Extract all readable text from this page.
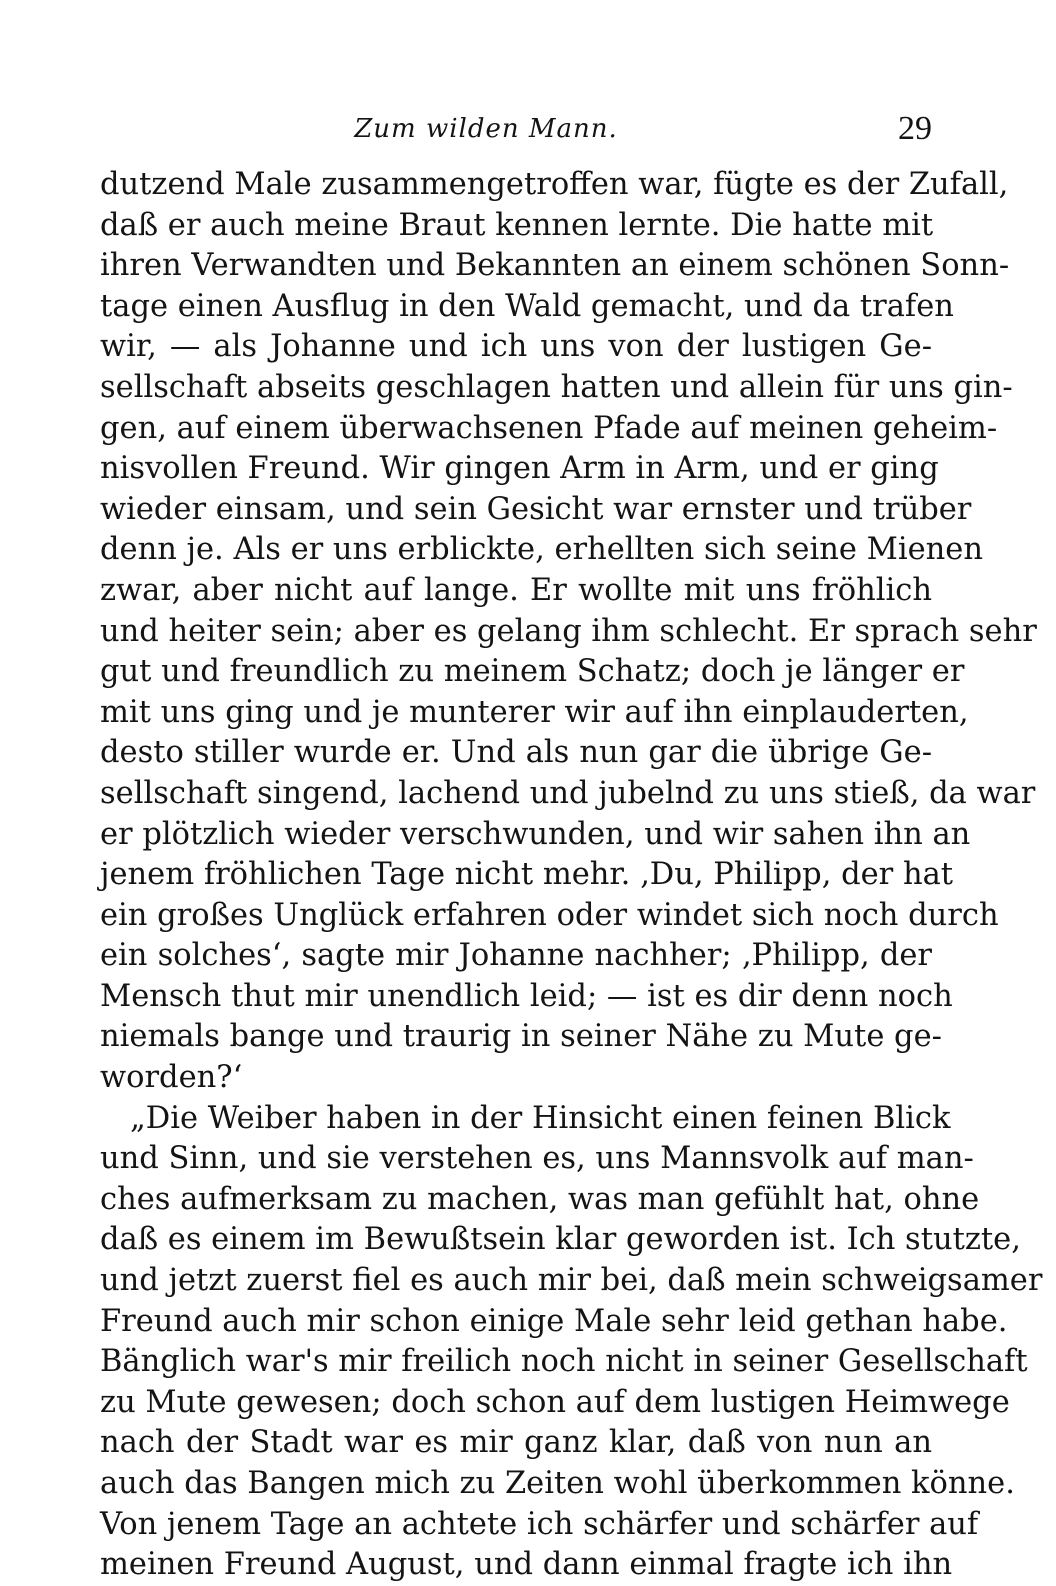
Zum wilden Mann.	29
dutzend Male zusammengetroffen war, fügte es der Zufall,
daß er auch meine Braut kennen lernte. Die hatte mit
ihren Verwandten und Bekannten an einem schönen Sonn-
tage einen Ausflug in den Wald gemacht, und da trafen
wir, — als Johanne und ich uns von der lustigen Ge-
sellschaft abseits geschlagen hatten und allein für uns gin-
gen, auf einem überwachsenen Pfade auf meinen geheim-
nisvollen Freund. Wir gingen Arm in Arm, und er ging
wieder einsam, und sein Gesicht war ernster und trüber
denn je. Als er uns erblickte, erhellten sich seine Mienen
zwar, aber nicht auf lange. Er wollte mit uns fröhlich
und heiter sein; aber es gelang ihm schlecht. Er sprach sehr
gut und freundlich zu meinem Schatz; doch je länger er
mit uns ging und je munterer wir auf ihn einplauderten,
desto stiller wurde er. Und als nun gar die übrige Ge-
sellschaft singend, lachend und jubelnd zu uns stieß, da war
er plötzlich wieder verschwunden, und wir sahen ihn an
jenem fröhlichen Tage nicht mehr. ‚Du, Philipp, der hat
ein großes Unglück erfahren oder windet sich noch durch
ein solches‘, sagte mir Johanne nachher; ‚Philipp, der
Mensch thut mir unendlich leid; — ist es dir denn noch
niemals bange und traurig in seiner Nähe zu Mute ge-
worden?‘
„Die Weiber haben in der Hinsicht einen feinen Blick
und Sinn, und sie verstehen es, uns Mannsvolk auf man-
ches aufmerksam zu machen, was man gefühlt hat, ohne
daß es einem im Bewußtsein klar geworden ist. Ich stutzte,
und jetzt zuerst fiel es auch mir bei, daß mein schweigsamer
Freund auch mir schon einige Male sehr leid gethan habe.
Bänglich war's mir freilich noch nicht in seiner Gesellschaft
zu Mute gewesen; doch schon auf dem lustigen Heimwege
nach der Stadt war es mir ganz klar, daß von nun an
auch das Bangen mich zu Zeiten wohl überkommen könne.
Von jenem Tage an achtete ich schärfer und schärfer auf
meinen Freund August, und dann einmal fragte ich ihn
